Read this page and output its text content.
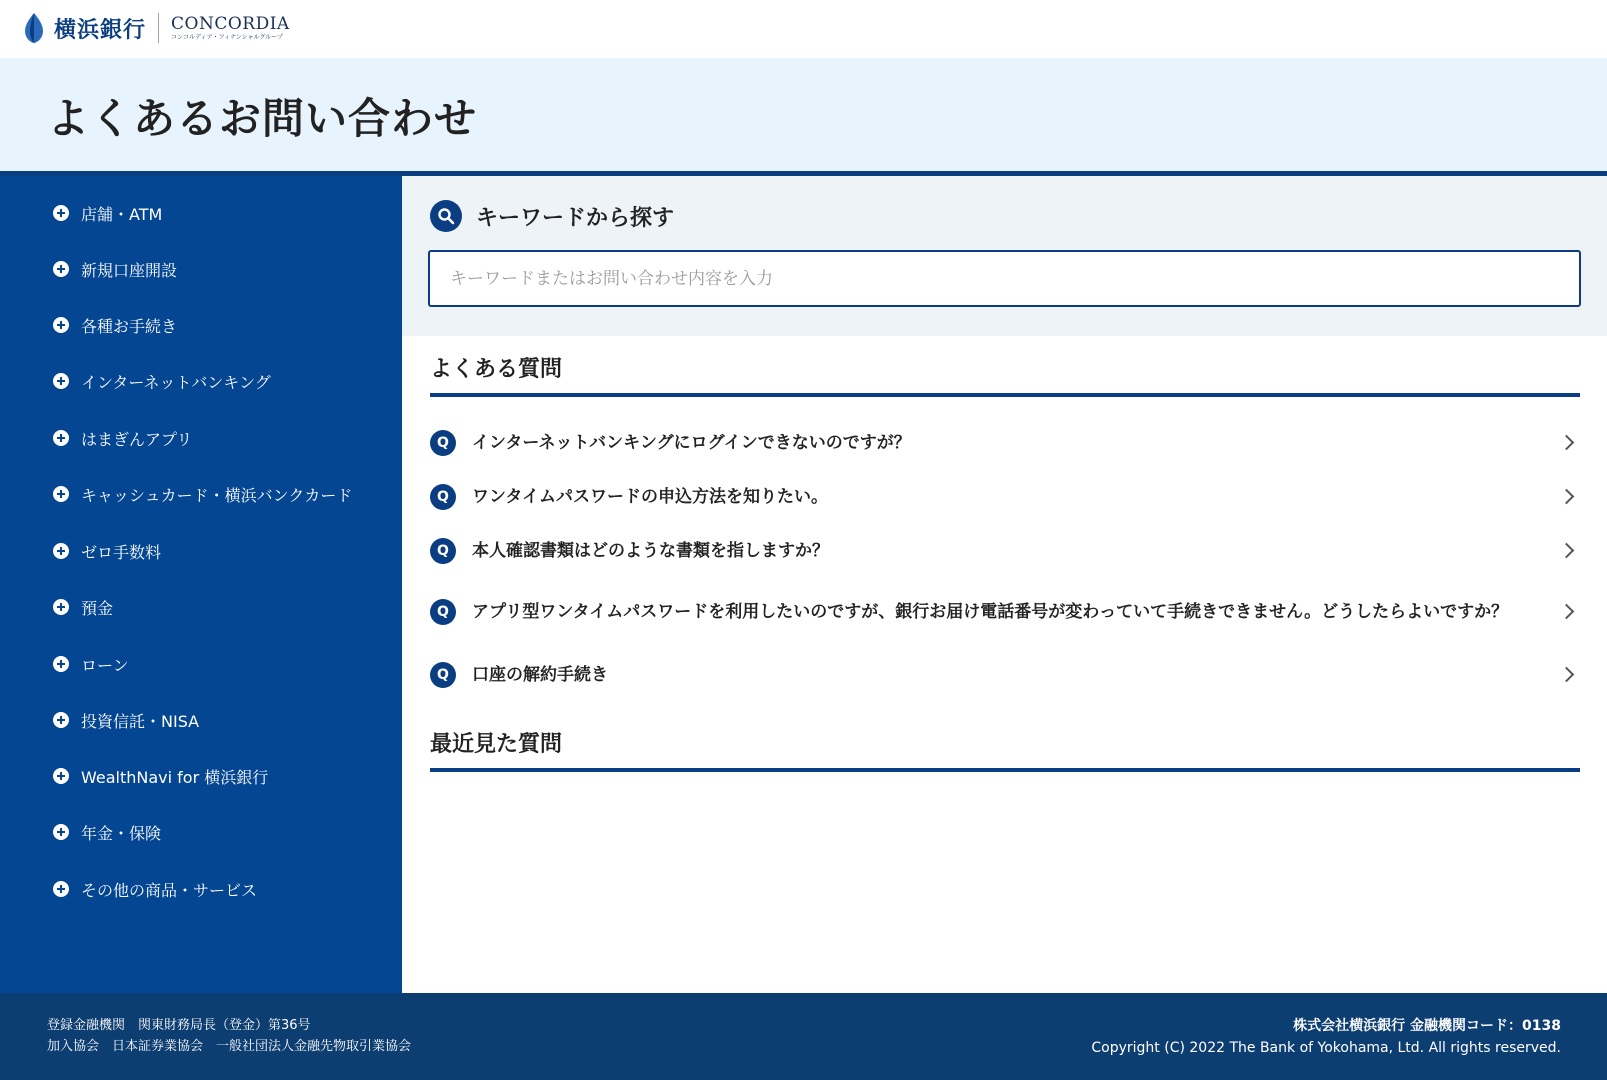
横浜銀行 CONCORDIA
コンコルディア・フィナンシャルグループ
よくあるお問い合わせ
店舗・ATM
新規口座開設
各種お手続き
インターネットバンキング
はまぎんアプリ
キャッシュカード・横浜バンクカード
ゼロ手数料
預金
ローン
投資信託・NISA
WealthNavi for 横浜銀行
年金・保険
その他の商品・サービス
キーワードから探す
キーワードまたはお問い合わせ内容を入力
よくある質問
Q	インターネットバンキングにログインできないのですが？
Q	ワンタイムパスワードの申込方法を知りたい。
Q	本人確認書類はどのような書類を指しますか？
Q	アプリ型ワンタイムパスワードを利用したいのですが、銀行お届け電話番号が変わっていて手続きできません。どうしたらよいですか？
Q	口座の解約手続き
最近見た質問
登録金融機関　関東財務局長（登金）第36号
加入協会　日本証券業協会　一般社団法人金融先物取引業協会
株式会社横浜銀行 金融機関コード：0138
Copyright (C) 2022 The Bank of Yokohama, Ltd. All rights reserved.
